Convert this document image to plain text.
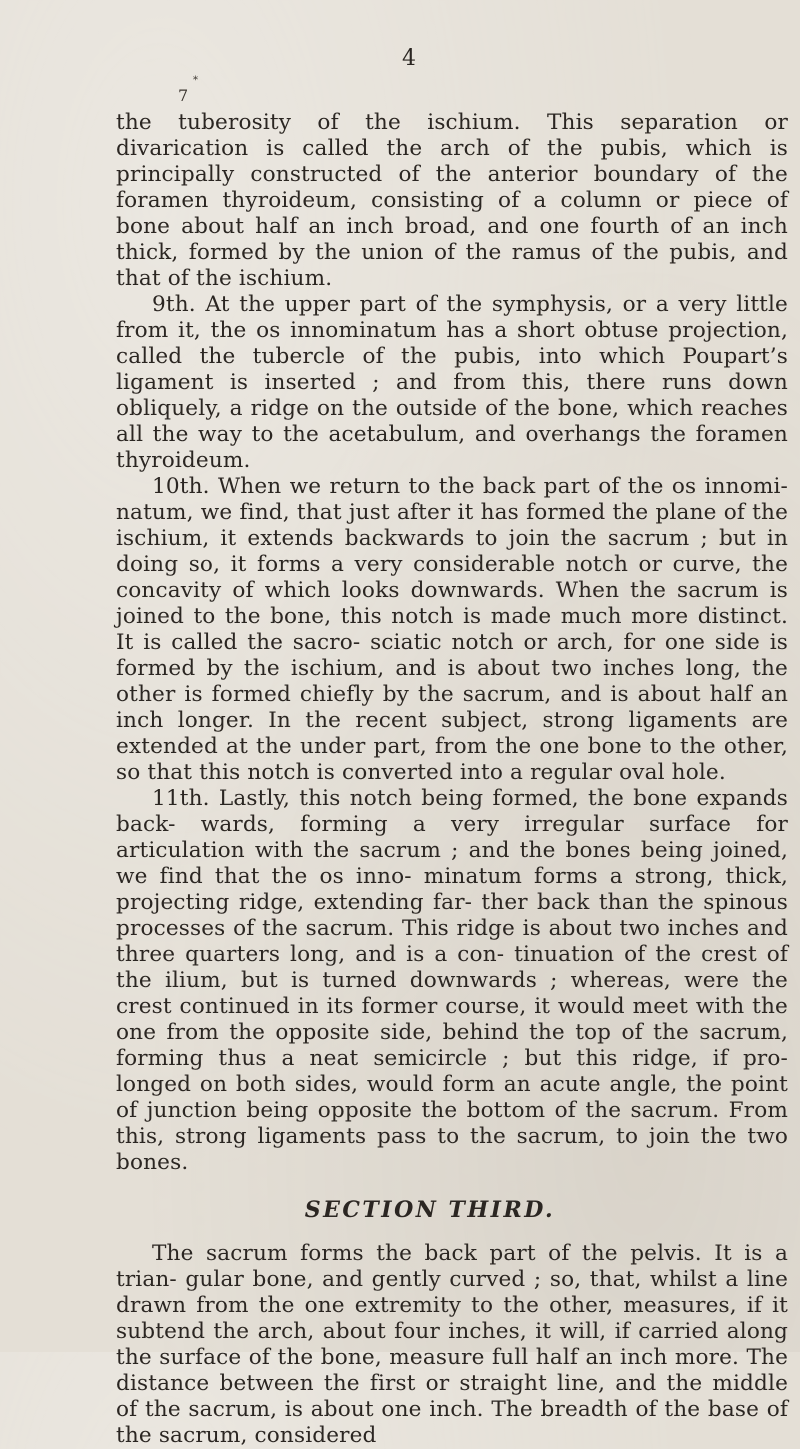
4

7

*

the tuberosity of the ischium. This separation or divarication is called the arch of the pubis, which is principally constructed of the anterior boundary of the foramen thyroideum, consisting of a column or piece of bone about half an inch broad, and one fourth of an inch thick, formed by the union of the ramus of the pubis, and that of the ischium.

9th. At the upper part of the symphysis, or a very little from it, the os innominatum has a short obtuse projection, called the tubercle of the pubis, into which Poupart’s ligament is inserted ; and from this, there runs down obliquely, a ridge on the outside of the bone, which reaches all the way to the acetabulum, and overhangs the foramen thyroideum.

10th. When we return to the back part of the os innomi- natum, we find, that just after it has formed the plane of the ischium, it extends backwards to join the sacrum ; but in doing so, it forms a very considerable notch or curve, the concavity of which looks downwards. When the sacrum is joined to the bone, this notch is made much more distinct. It is called the sacro- sciatic notch or arch, for one side is formed by the ischium, and is about two inches long, the other is formed chiefly by the sacrum, and is about half an inch longer. In the recent subject, strong ligaments are extended at the under part, from the one bone to the other, so that this notch is converted into a regular oval hole.

11th. Lastly, this notch being formed, the bone expands back- wards, forming a very irregular surface for articulation with the sacrum ; and the bones being joined, we find that the os inno- minatum forms a strong, thick, projecting ridge, extending far- ther back than the spinous processes of the sacrum. This ridge is about two inches and three quarters long, and is a con- tinuation of the crest of the ilium, but is turned downwards ; whereas, were the crest continued in its former course, it would meet with the one from the opposite side, behind the top of the sacrum, forming thus a neat semicircle ; but this ridge, if pro- longed on both sides, would form an acute angle, the point of junction being opposite the bottom of the sacrum. From this, strong ligaments pass to the sacrum, to join the two bones.

SECTION THIRD.

The sacrum forms the back part of the pelvis. It is a trian- gular bone, and gently curved ; so, that, whilst a line drawn from the one extremity to the other, measures, if it subtend the arch, about four inches, it will, if carried along the surface of the bone, measure full half an inch more. The distance between the first or straight line, and the middle of the sacrum, is about one inch. The breadth of the base of the sacrum, considered
